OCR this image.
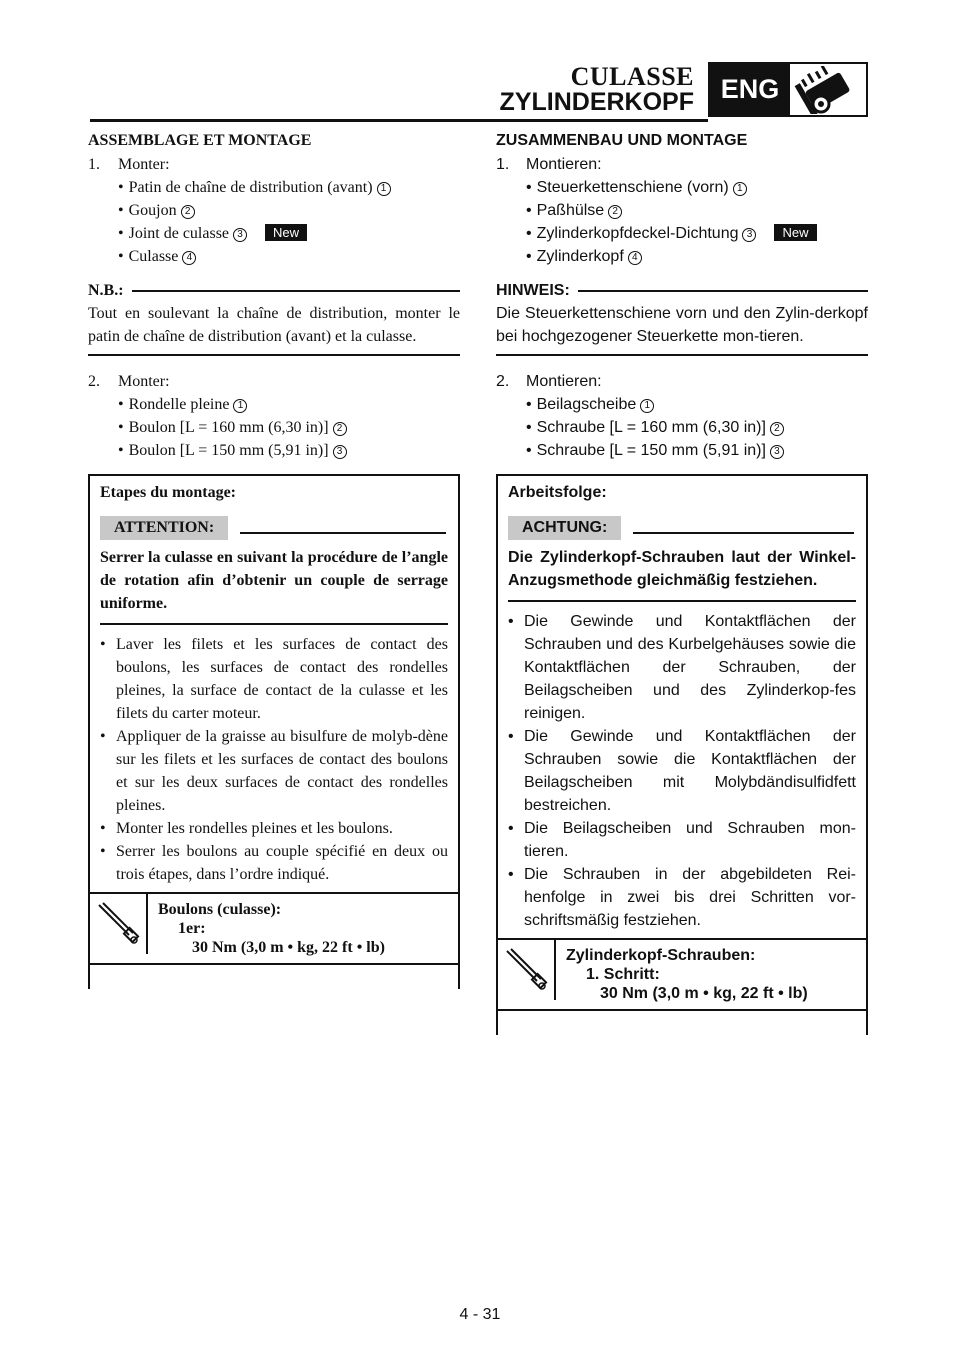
CULASSE
ZYLINDERKOPF ENG
ASSEMBLAGE ET MONTAGE
1. Monter:
• Patin de chaîne de distribution (avant) 1
• Goujon 2
• Joint de culasse 3 New
• Culasse 4
N.B.:
Tout en soulevant la chaîne de distribution, monter le patin de chaîne de distribution (avant) et la culasse.
2. Monter:
• Rondelle pleine 1
• Boulon [L = 160 mm (6,30 in)] 2
• Boulon [L = 150 mm (5,91 in)] 3
Etapes du montage:
ATTENTION:
Serrer la culasse en suivant la procédure de l’angle de rotation afin d’obtenir un couple de serrage uniforme.
• Laver les filets et les surfaces de contact des boulons, les surfaces de contact des rondelles pleines, la surface de contact de la culasse et les filets du carter moteur.
• Appliquer de la graisse au bisulfure de molyb-dène sur les filets et les surfaces de contact des boulons et sur les deux surfaces de contact des rondelles pleines.
• Monter les rondelles pleines et les boulons.
• Serrer les boulons au couple spécifié en deux ou trois étapes, dans l’ordre indiqué.
Boulons (culasse):
1er:
30 Nm (3,0 m • kg, 22 ft • lb)
ZUSAMMENBAU UND MONTAGE
1. Montieren:
• Steuerkettenschiene (vorn) 1
• Paßhülse 2
• Zylinderkopfdeckel-Dichtung 3 New
• Zylinderkopf 4
HINWEIS:
Die Steuerkettenschiene vorn und den Zylin-derkopf bei hochgezogener Steuerkette mon-tieren.
2. Montieren:
• Beilagscheibe 1
• Schraube [L = 160 mm (6,30 in)] 2
• Schraube [L = 150 mm (5,91 in)] 3
Arbeitsfolge:
ACHTUNG:
Die Zylinderkopf-Schrauben laut der Winkel-Anzugsmethode gleichmäßig festziehen.
• Die Gewinde und Kontaktflächen der Schrauben und des Kurbelgehäuses sowie die Kontaktflächen der Schrauben, der Beilagscheiben und des Zylinderkop-fes reinigen.
• Die Gewinde und Kontaktflächen der Schrauben sowie die Kontaktflächen der Beilagscheiben mit Molybdändisulfidfett bestreichen.
• Die Beilagscheiben und Schrauben mon-tieren.
• Die Schrauben in der abgebildeten Rei-henfolge in zwei bis drei Schritten vor-schriftsmäßig festziehen.
Zylinderkopf-Schrauben:
1. Schritt:
30 Nm (3,0 m • kg, 22 ft • lb)
4 - 31
